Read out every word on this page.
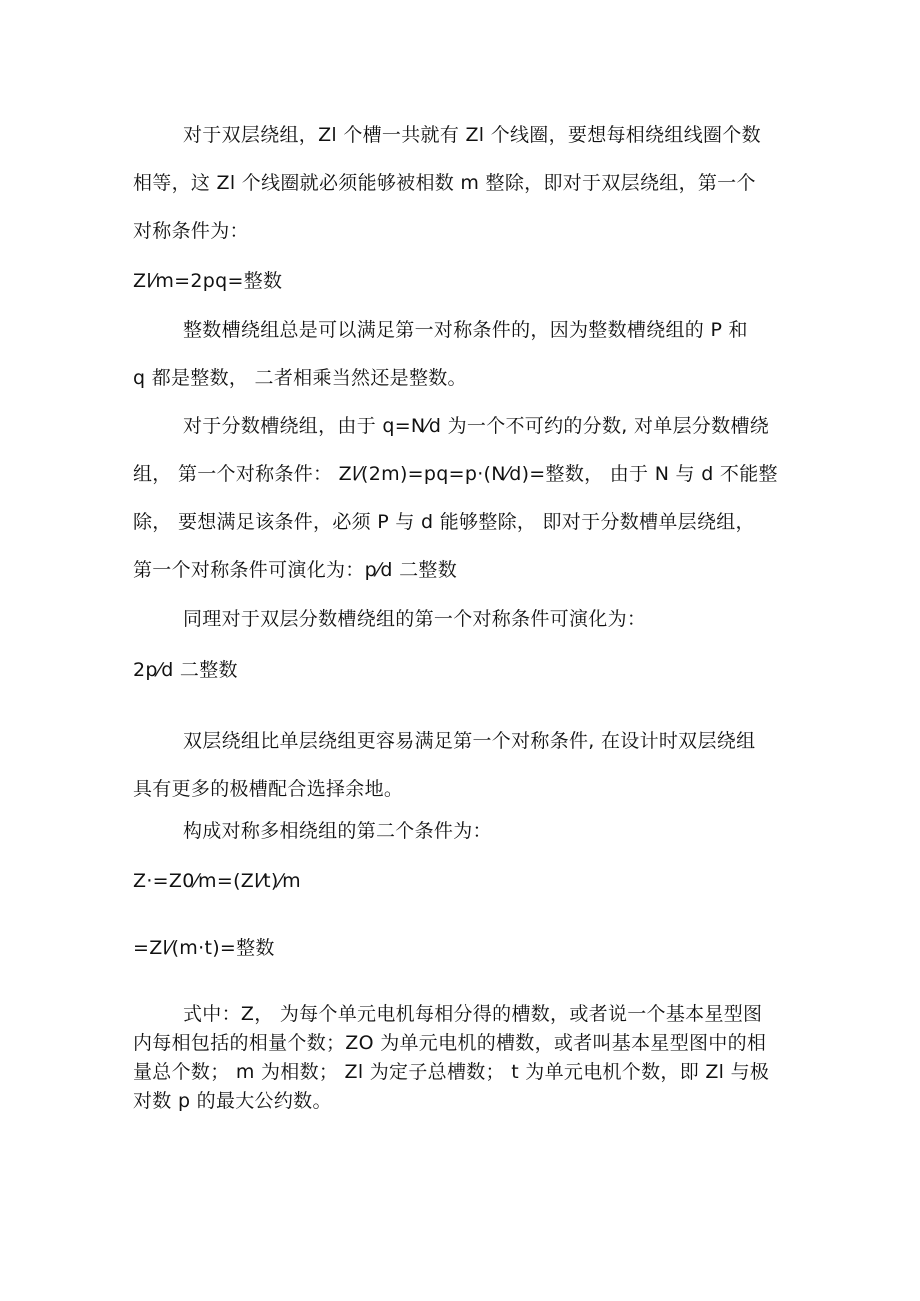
对于双层绕组，Zl 个槽一共就有 Zl 个线圈，要想每相绕组线圈个数
相等，这 Zl 个线圈就必须能够被相数 m 整除，即对于双层绕组，第一个
对称条件为：
Zl⁄m=2pq=整数
整数槽绕组总是可以满足第一对称条件的，因为整数槽绕组的 P 和
q 都是整数， 二者相乘当然还是整数。
对于分数槽绕组，由于 q=N⁄d 为一个不可约的分数, 对单层分数槽绕
组， 第一个对称条件： Zl⁄(2m)=pq=p·(N⁄d)=整数， 由于 N 与 d 不能整
除， 要想满足该条件，必须 P 与 d 能够整除， 即对于分数槽单层绕组，
第一个对称条件可演化为：p⁄d 二整数
同理对于双层分数槽绕组的第一个对称条件可演化为：
2p⁄d 二整数
双层绕组比单层绕组更容易满足第一个对称条件, 在设计时双层绕组
具有更多的极槽配合选择余地。
构成对称多相绕组的第二个条件为：
Z·=Z0⁄m=(Zl⁄t)⁄m
=Zl⁄(m·t)=整数
式中：Z， 为每个单元电机每相分得的槽数，或者说一个基本星型图
内每相包括的相量个数；ZO 为单元电机的槽数，或者叫基本星型图中的相
量总个数； m 为相数； Zl 为定子总槽数； t 为单元电机个数，即 Zl 与极
对数 p 的最大公约数。
